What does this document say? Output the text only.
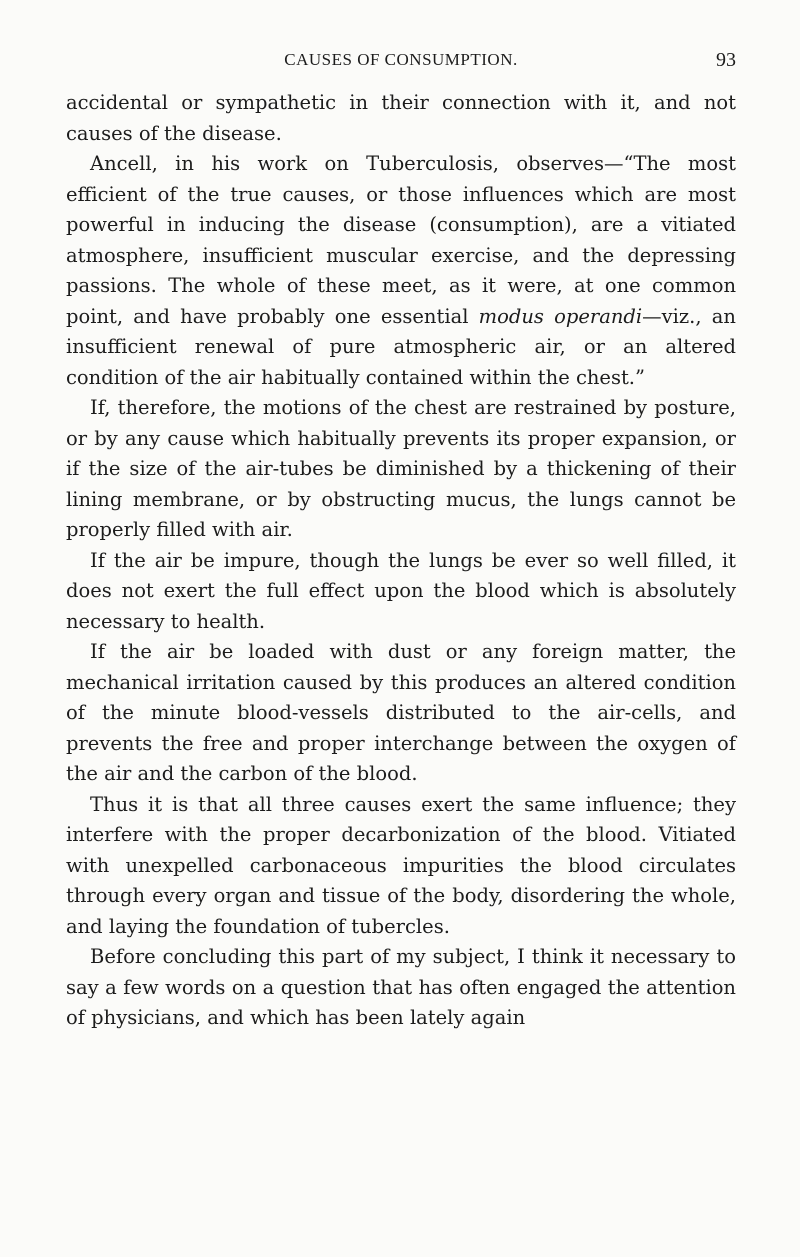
CAUSES OF CONSUMPTION.	93

accidental or sympathetic in their connection with it, and not causes of the disease.

Ancell, in his work on Tuberculosis, observes—“The most efficient of the true causes, or those influences which are most powerful in inducing the disease (consumption), are a vitiated atmosphere, insufficient muscular exercise, and the depressing passions. The whole of these meet, as it were, at one common point, and have probably one essential modus operandi—viz., an insufficient renewal of pure atmospheric air, or an altered condition of the air habitually contained within the chest.”

If, therefore, the motions of the chest are restrained by posture, or by any cause which habitually prevents its proper expansion, or if the size of the air-tubes be diminished by a thickening of their lining membrane, or by obstructing mucus, the lungs cannot be properly filled with air.

If the air be impure, though the lungs be ever so well filled, it does not exert the full effect upon the blood which is absolutely necessary to health.

If the air be loaded with dust or any foreign matter, the mechanical irritation caused by this produces an altered condition of the minute blood-vessels distributed to the air-cells, and prevents the free and proper interchange between the oxygen of the air and the carbon of the blood.

Thus it is that all three causes exert the same influence; they interfere with the proper decarbonization of the blood. Vitiated with unexpelled carbonaceous impurities the blood circulates through every organ and tissue of the body, disordering the whole, and laying the foundation of tubercles.

Before concluding this part of my subject, I think it necessary to say a few words on a question that has often engaged the attention of physicians, and which has been lately again
